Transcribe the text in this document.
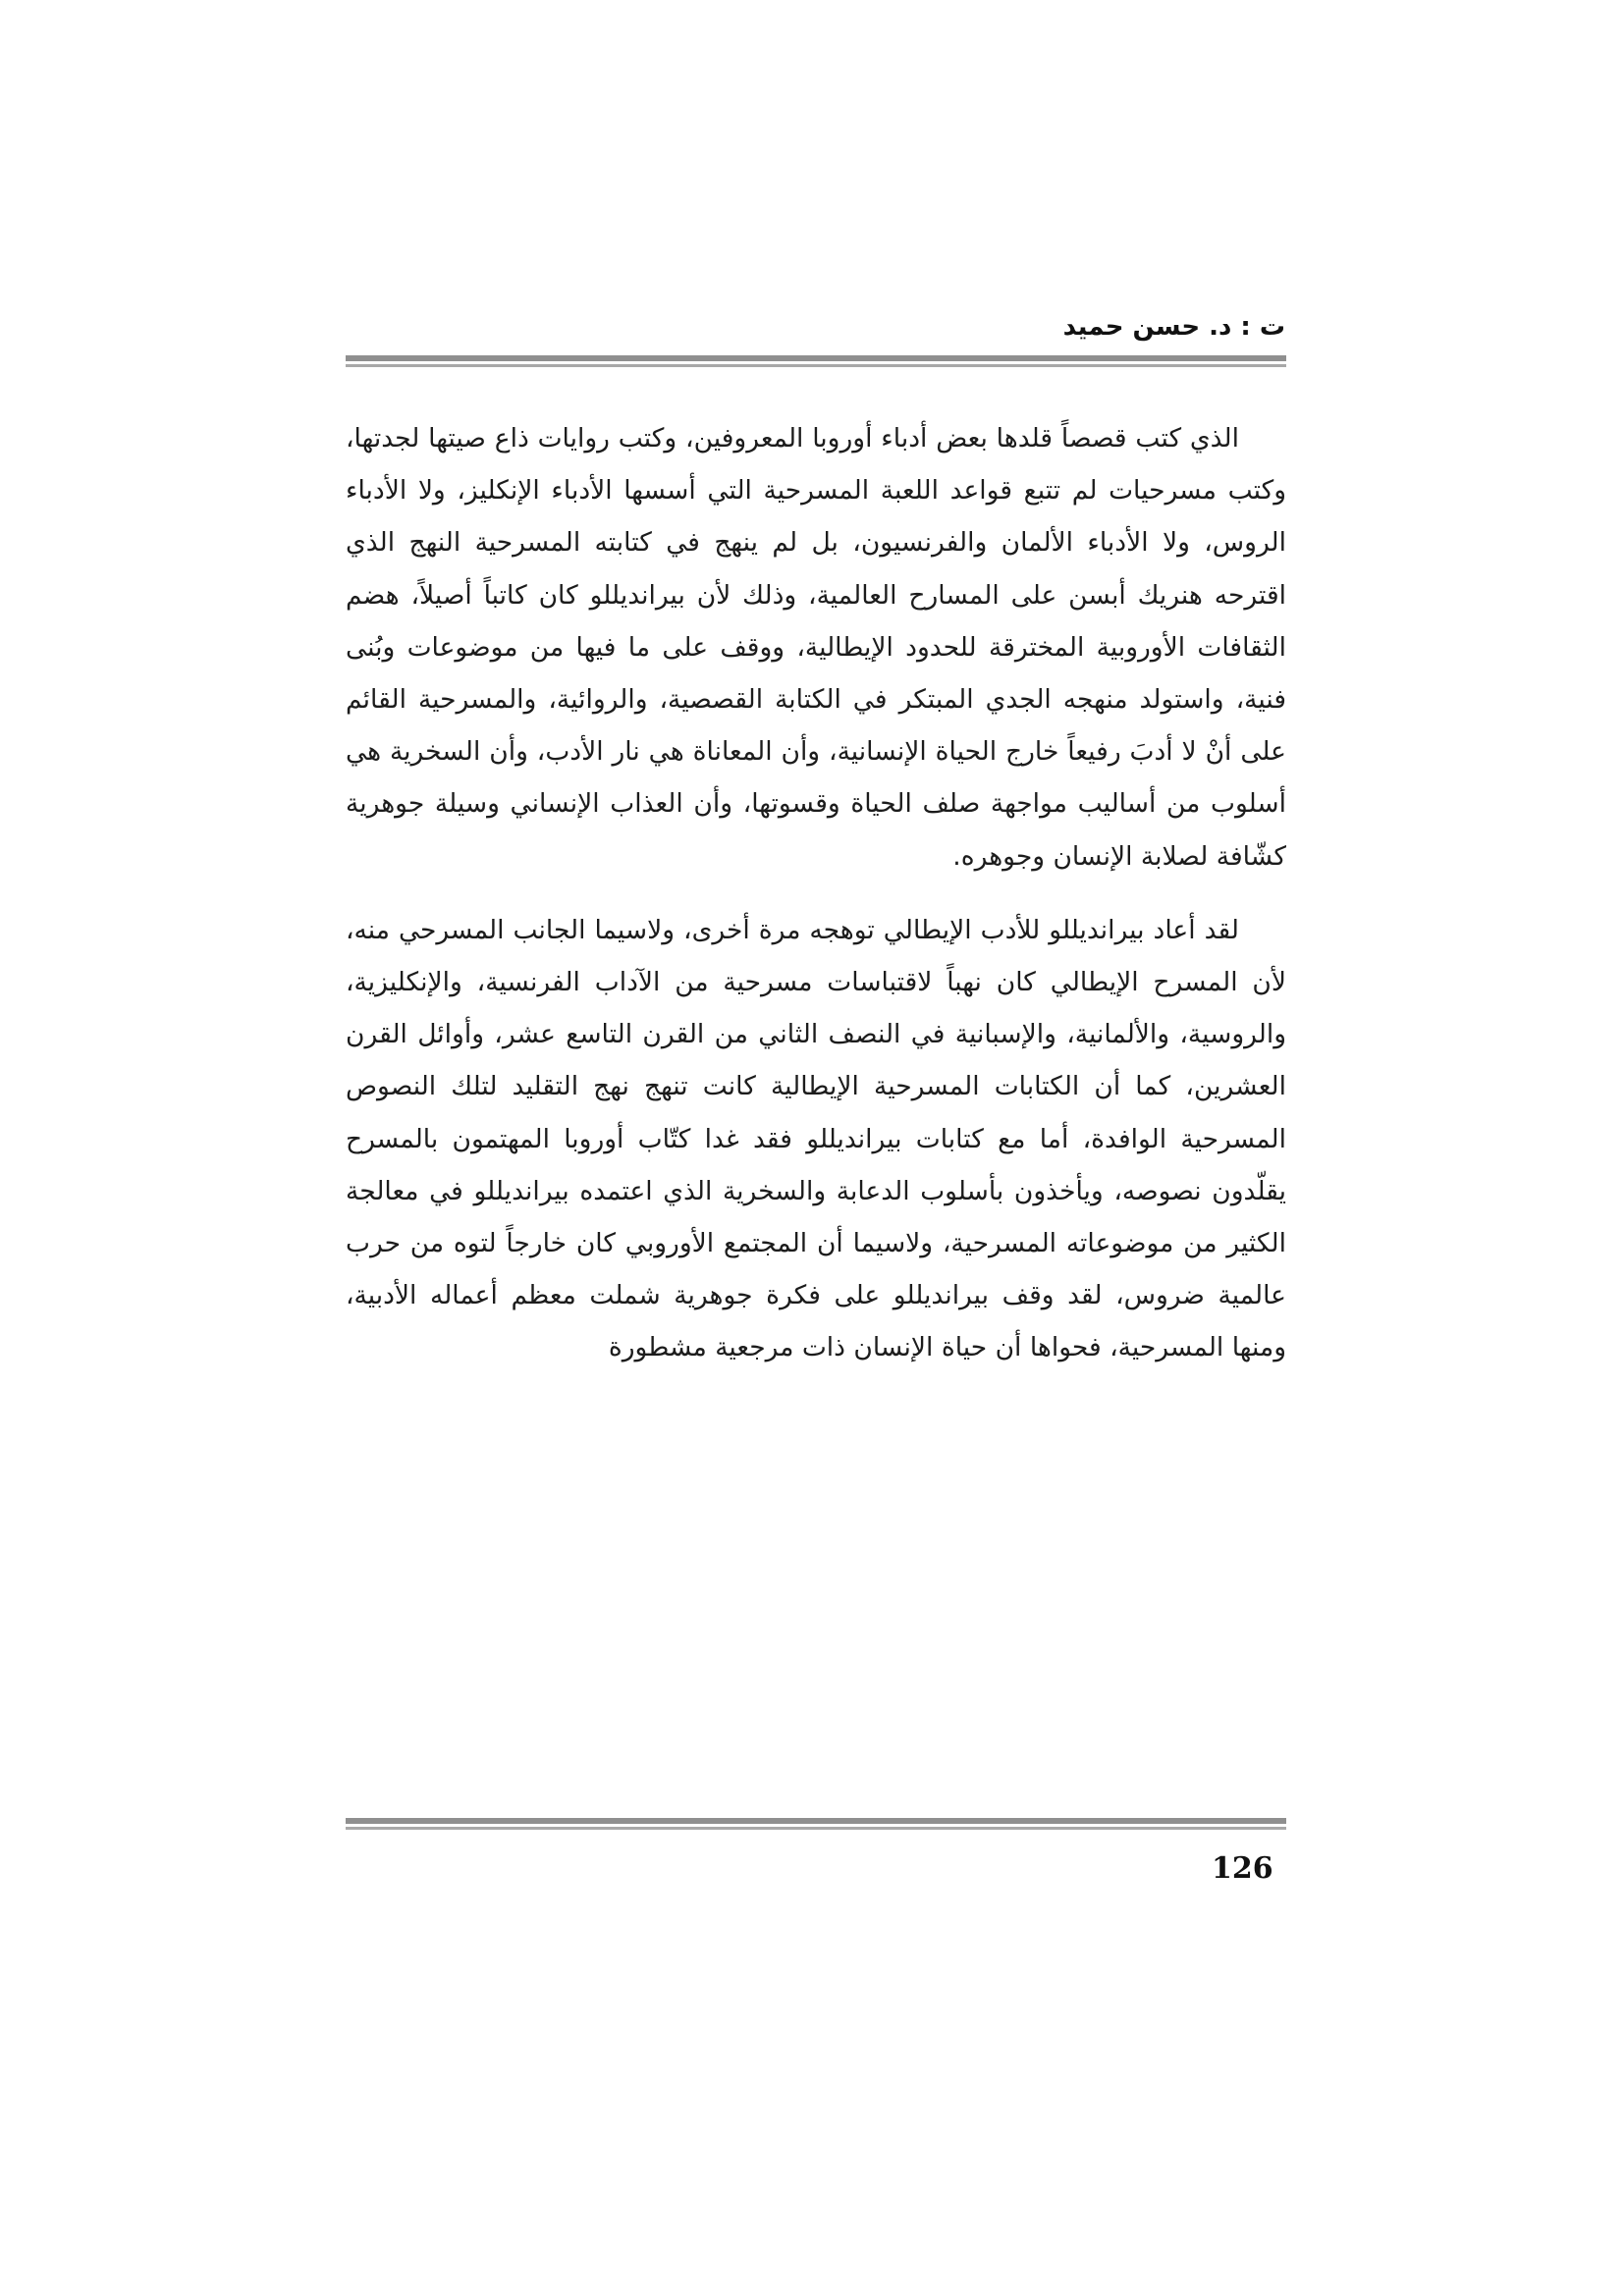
ت : د. حسن حميد

الذي كتب قصصاً قلدها بعض أدباء أوروبا المعروفين، وكتب روايات ذاع صيتها لجدتها، وكتب مسرحيات لم تتبع قواعد اللعبة المسرحية التي أسسها الأدباء الإنكليز، ولا الأدباء الروس، ولا الأدباء الألمان والفرنسيون، بل لم ينهج في كتابته المسرحية النهج الذي اقترحه هنريك أبسن على المسارح العالمية، وذلك لأن بيرانديللو كان كاتباً أصيلاً، هضم الثقافات الأوروبية المخترقة للحدود الإيطالية، ووقف على ما فيها من موضوعات وبُنى فنية، واستولد منهجه الجدي المبتكر في الكتابة القصصية، والروائية، والمسرحية القائم على أنْ لا أدبَ رفيعاً خارج الحياة الإنسانية، وأن المعاناة هي نار الأدب، وأن السخرية هي أسلوب من أساليب مواجهة صلف الحياة وقسوتها، وأن العذاب الإنساني وسيلة جوهرية كشّافة لصلابة الإنسان وجوهره.

لقد أعاد بيرانديللو للأدب الإيطالي توهجه مرة أخرى، ولاسيما الجانب المسرحي منه، لأن المسرح الإيطالي كان نهباً لاقتباسات مسرحية من الآداب الفرنسية، والإنكليزية، والروسية، والألمانية، والإسبانية في النصف الثاني من القرن التاسع عشر، وأوائل القرن العشرين، كما أن الكتابات المسرحية الإيطالية كانت تنهج نهج التقليد لتلك النصوص المسرحية الوافدة، أما مع كتابات بيرانديللو فقد غدا كتّاب أوروبا المهتمون بالمسرح يقلّدون نصوصه، ويأخذون بأسلوب الدعابة والسخرية الذي اعتمده بيرانديللو في معالجة الكثير من موضوعاته المسرحية، ولاسيما أن المجتمع الأوروبي كان خارجاً لتوه من حرب عالمية ضروس، لقد وقف بيرانديللو على فكرة جوهرية شملت معظم أعماله الأدبية، ومنها المسرحية، فحواها أن حياة الإنسان ذات مرجعية مشطورة

126
